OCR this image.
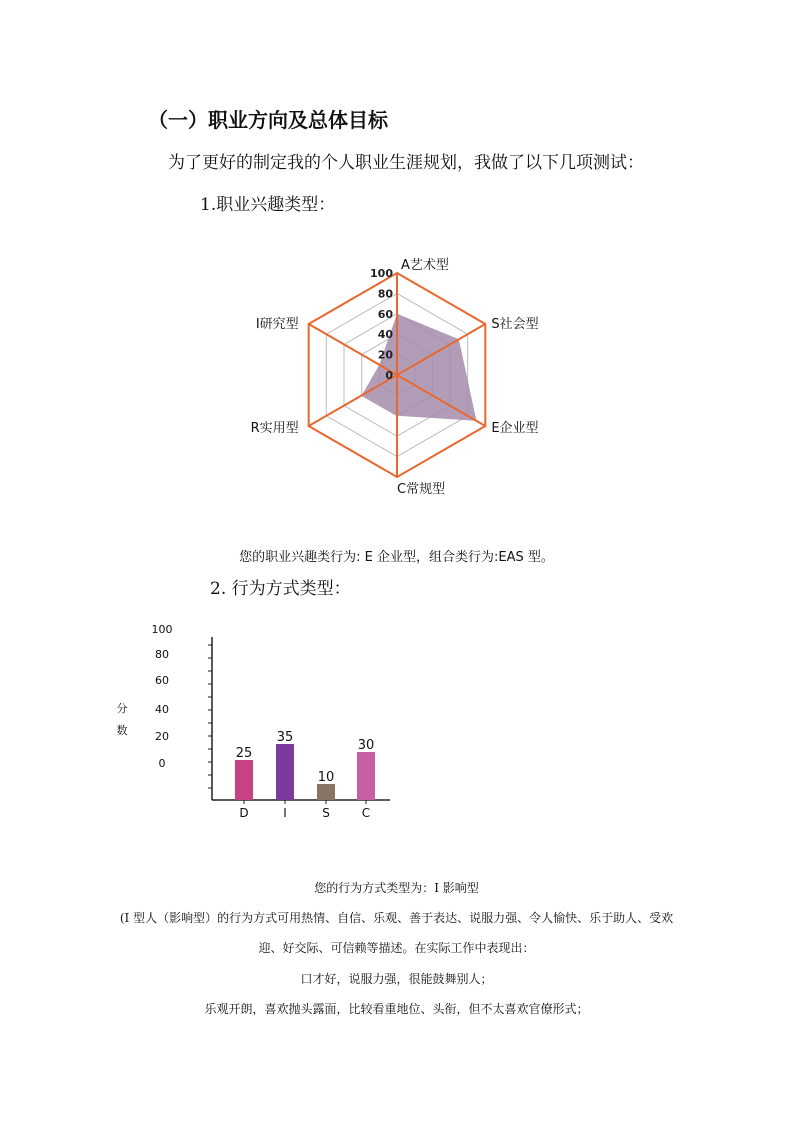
（一）职业方向及总体目标
为了更好的制定我的个人职业生涯规划，我做了以下几项测试：
1.职业兴趣类型：
100
80
60
40
20
0
A艺术型
S社会型
E企业型
C常规型
R实用型
I研究型
您的职业兴趣类行为: E 企业型，组合类行为:EAS 型。
2. 行为方式类型：
100
80
60
40
20
0
分
数
25
35
10
30
D	I	S	C
您的行为方式类型为：I 影响型
(I 型人（影响型）的行为方式可用热情、自信、乐观、善于表达、说服力强、令人愉快、乐于助人、受欢
迎、好交际、可信赖等描述。在实际工作中表现出：
口才好，说服力强，很能鼓舞别人；
乐观开朗，喜欢抛头露面，比较看重地位、头衔，但不太喜欢官僚形式；
